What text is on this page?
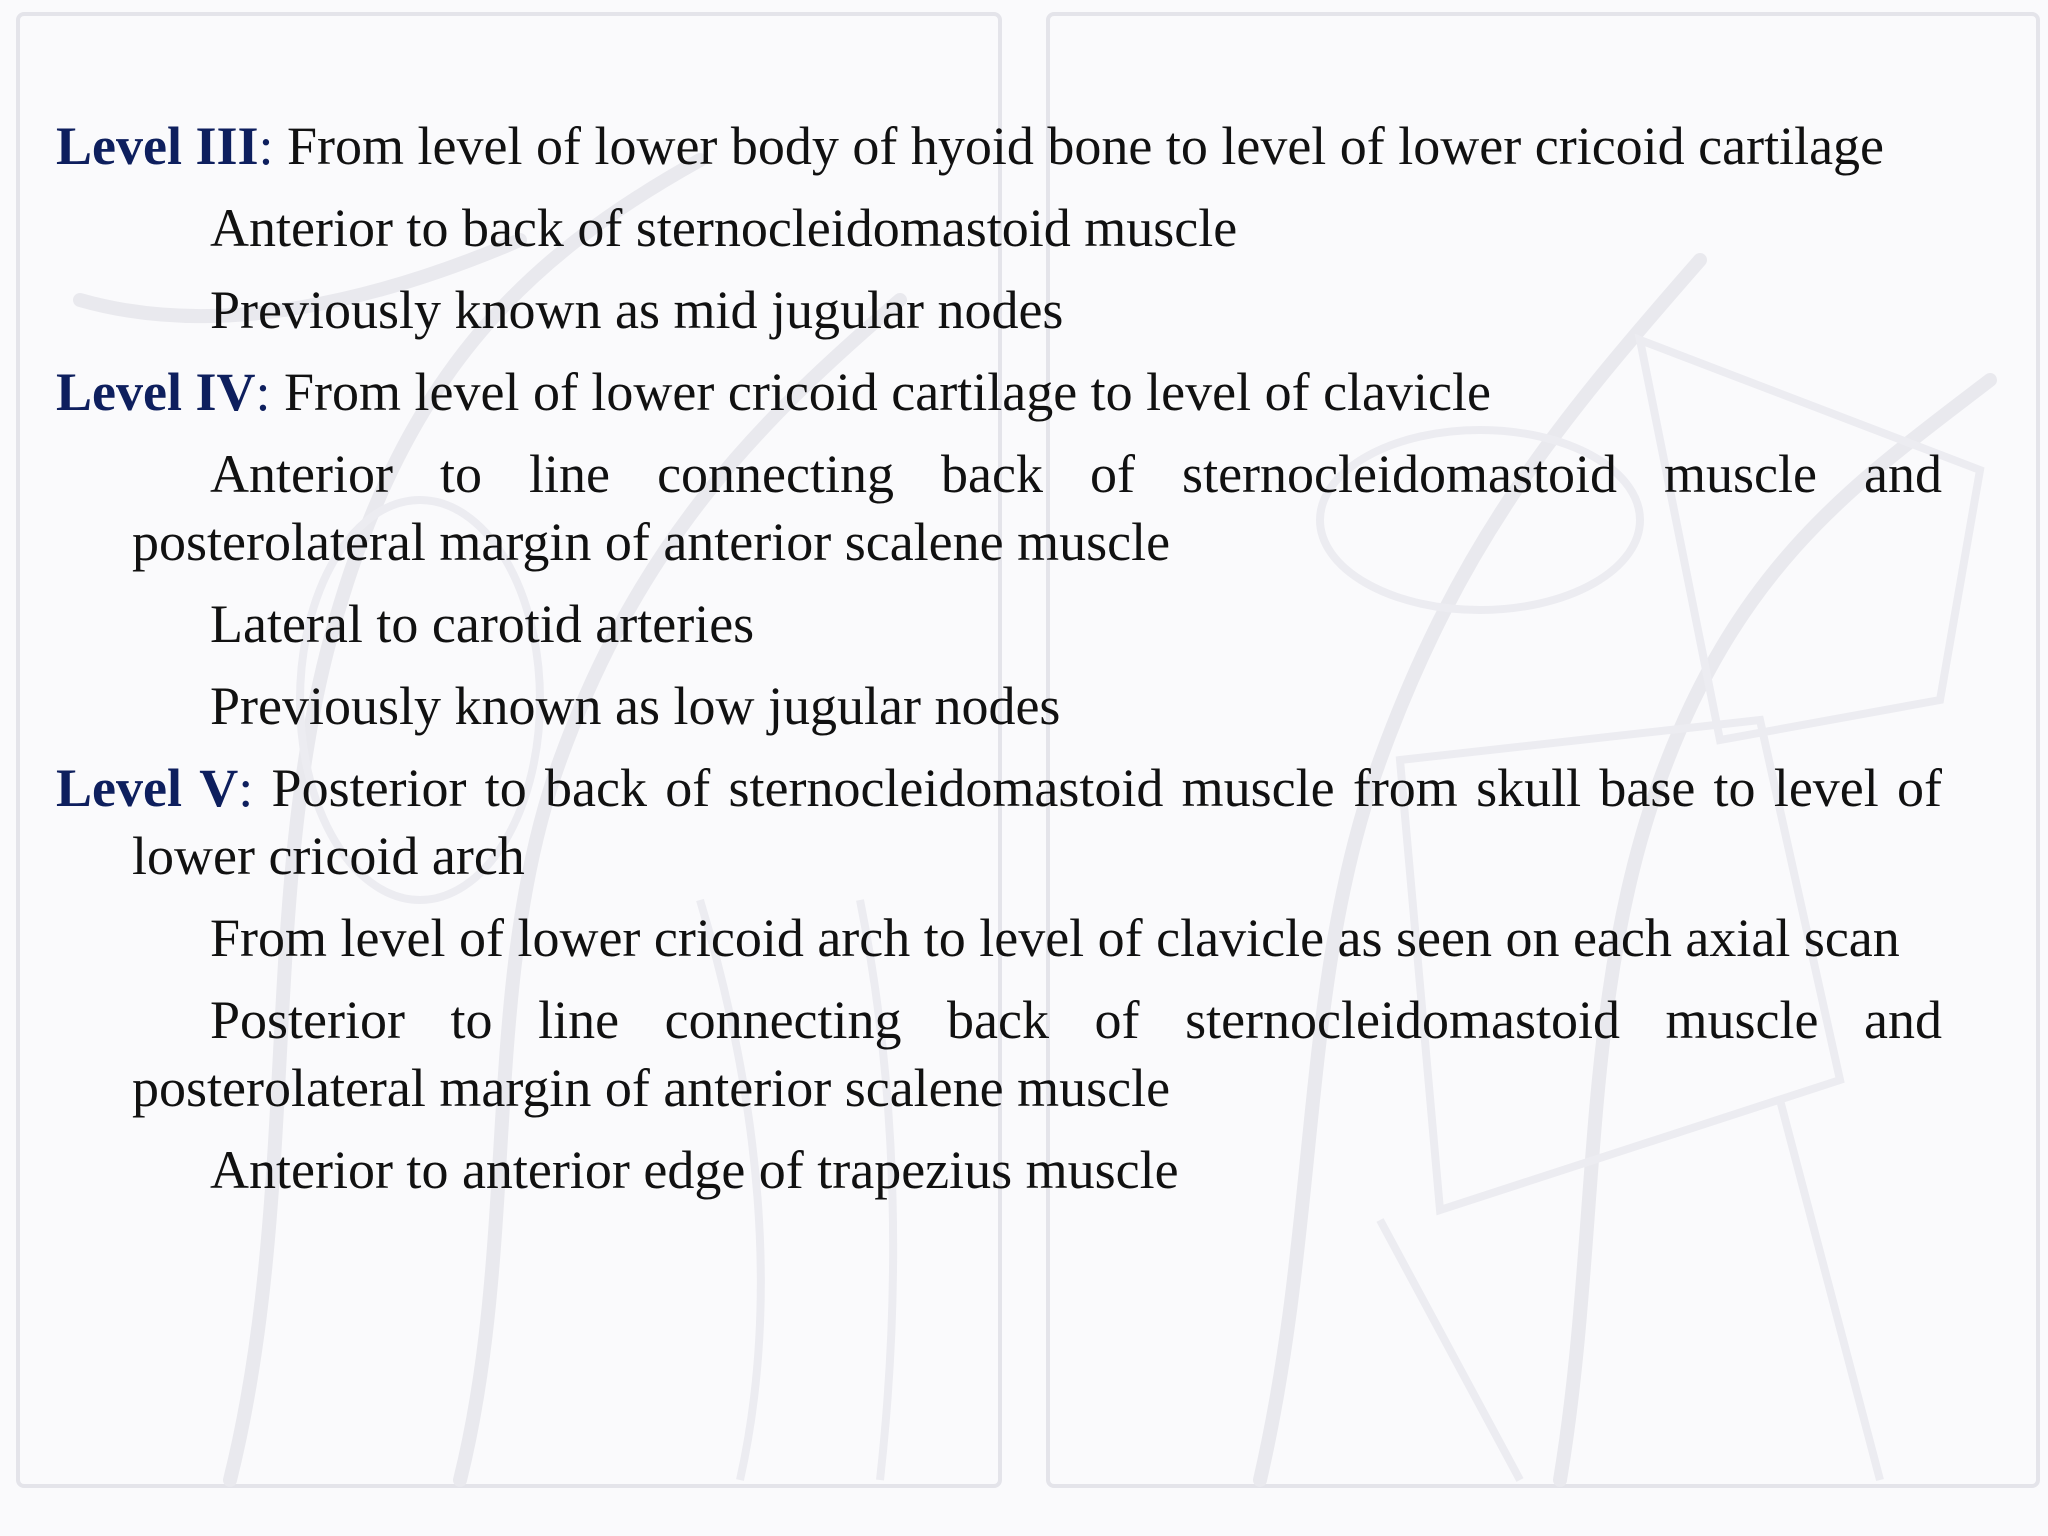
Level III: From level of lower body of hyoid bone to level of lower cricoid cartilage

Anterior to back of sternocleidomastoid muscle

Previously known as mid jugular nodes

Level IV: From level of lower cricoid cartilage to level of clavicle

Anterior to line connecting back of sternocleidomastoid muscle and posterolateral margin of anterior scalene muscle

Lateral to carotid arteries

Previously known as low jugular nodes

Level V: Posterior to back of sternocleidomastoid muscle from skull base to level of lower cricoid arch

From level of lower cricoid arch to level of clavicle as seen on each axial scan

Posterior to line connecting back of sternocleidomastoid muscle and posterolateral margin of anterior scalene muscle

Anterior to anterior edge of trapezius muscle
